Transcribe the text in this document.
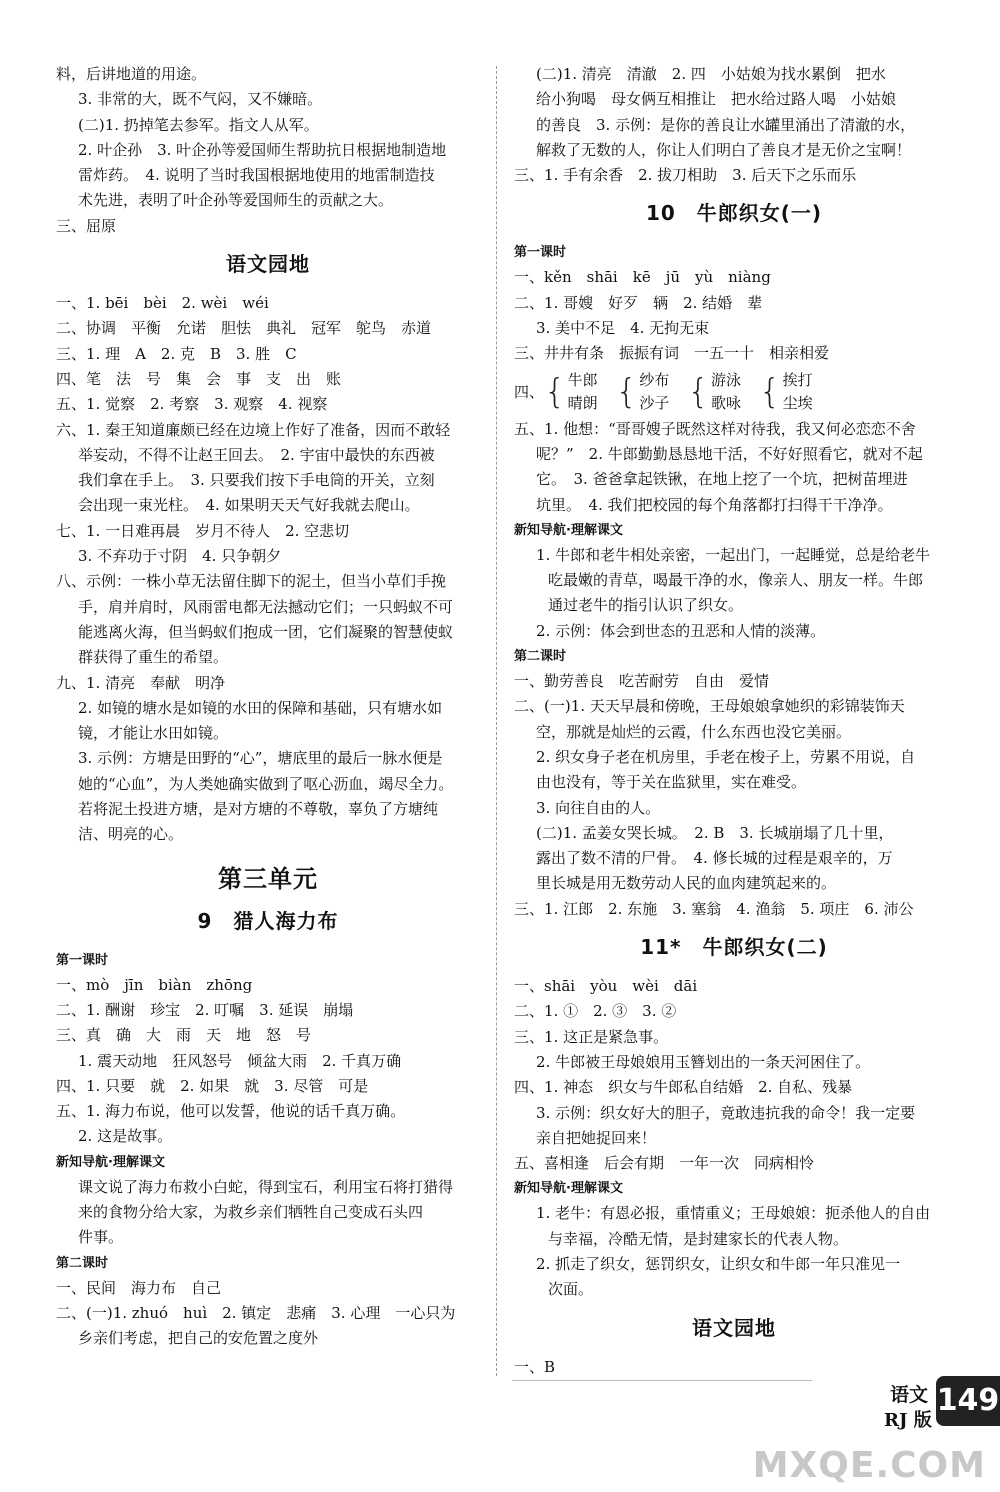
料，后讲地道的用途。
3. 非常的大，既不气闷，又不嫌暗。
(二)1. 扔掉笔去参军。指文人从军。
2. 叶企孙　3. 叶企孙等爱国师生帮助抗日根据地制造地
雷炸药。　4. 说明了当时我国根据地使用的地雷制造技
术先进，表明了叶企孙等爱国师生的贡献之大。
三、屈原
语文园地
一、1. bēi　bèi　2. wèi　wéi
二、协调　平衡　允诺　胆怯　典礼　冠军　鸵鸟　赤道
三、1. 理　A　2. 克　B　3. 胜　C
四、笔　法　号　集　会　事　支　出　账
五、1. 觉察　2. 考察　3. 观察　4. 视察
六、1. 秦王知道廉颇已经在边境上作好了准备，因而不敢轻
举妄动，不得不让赵王回去。　2. 宇宙中最快的东西被
我们拿在手上。　3. 只要我们按下手电筒的开关，立刻
会出现一束光柱。　4. 如果明天天气好我就去爬山。
七、1. 一日难再晨　岁月不待人　2. 空悲切
3. 不弃功于寸阴　4. 只争朝夕
八、示例：一株小草无法留住脚下的泥土，但当小草们手挽
手，肩并肩时，风雨雷电都无法撼动它们；一只蚂蚁不可
能逃离火海，但当蚂蚁们抱成一团，它们凝聚的智慧使蚁
群获得了重生的希望。
九、1. 清亮　奉献　明净
2. 如镜的塘水是如镜的水田的保障和基础，只有塘水如
镜，才能让水田如镜。
3. 示例：方塘是田野的“心”，塘底里的最后一脉水便是
她的“心血”，为人类她确实做到了呕心沥血，竭尽全力。
若将泥土投进方塘，是对方塘的不尊敬，辜负了方塘纯
洁、明亮的心。
第三单元
9　猎人海力布
第一课时
一、mò　jīn　biàn　zhōng
二、1. 酬谢　珍宝　2. 叮嘱　3. 延误　崩塌
三、真　确　大　雨　天　地　怒　号
1. 震天动地　狂风怒号　倾盆大雨　2. 千真万确
四、1. 只要　就　2. 如果　就　3. 尽管　可是
五、1. 海力布说，他可以发誓，他说的话千真万确。
2. 这是故事。
新知导航·理解课文
课文说了海力布救小白蛇，得到宝石，利用宝石将打猎得
来的食物分给大家，为救乡亲们牺牲自己变成石头四
件事。
第二课时
一、民间　海力布　自己
二、(一)1. zhuó　huì　2. 镇定　悲痛　3. 心理　一心只为
乡亲们考虑，把自己的安危置之度外
(二)1. 清亮　清澈　2. 四　小姑娘为找水累倒　把水
给小狗喝　母女俩互相推让　把水给过路人喝　小姑娘
的善良　3. 示例：是你的善良让水罐里涌出了清澈的水，
解救了无数的人，你让人们明白了善良才是无价之宝啊！
三、1. 手有余香　2. 拔刀相助　3. 后天下之乐而乐
10　牛郎织女(一)
第一课时
一、kěn　shāi　kē　jū　yù　niàng
二、1. 哥嫂　好歹　辆　2. 结婚　辈
3. 美中不足　4. 无拘无束
三、井井有条　振振有词　一五一十　相亲相爱
四、 { 牛郎
晴朗 { 纱布
沙子 { 游泳
歌咏 { 挨打
尘埃
五、1. 他想：“哥哥嫂子既然这样对待我，我又何必恋恋不舍
呢？”　2. 牛郎勤勤恳恳地干活，不好好照看它，就对不起
它。　3. 爸爸拿起铁锹，在地上挖了一个坑，把树苗埋进
坑里。　4. 我们把校园的每个角落都打扫得干干净净。
新知导航·理解课文
1. 牛郎和老牛相处亲密，一起出门，一起睡觉，总是给老牛
吃最嫩的青草，喝最干净的水，像亲人、朋友一样。牛郎
通过老牛的指引认识了织女。
2. 示例：体会到世态的丑恶和人情的淡薄。
第二课时
一、勤劳善良　吃苦耐劳　自由　爱情
二、(一)1. 天天早晨和傍晚，王母娘娘拿她织的彩锦装饰天
空，那就是灿烂的云霞，什么东西也没它美丽。
2. 织女身子老在机房里，手老在梭子上，劳累不用说，自
由也没有，等于关在监狱里，实在难受。
3. 向往自由的人。
(二)1. 孟姜女哭长城。　2. B　3. 长城崩塌了几十里，
露出了数不清的尸骨。　4. 修长城的过程是艰辛的，万
里长城是用无数劳动人民的血肉建筑起来的。
三、1. 江郎　2. 东施　3. 塞翁　4. 渔翁　5. 项庄　6. 沛公
11*　牛郎织女(二)
一、shāi　yòu　wèi　dāi
二、1. ①　2. ③　3. ②
三、1. 这正是紧急事。
2. 牛郎被王母娘娘用玉簪划出的一条天河困住了。
四、1. 神态　织女与牛郎私自结婚　2. 自私、残暴
3. 示例：织女好大的胆子，竟敢违抗我的命令！我一定要
亲自把她捉回来！
五、喜相逢　后会有期　一年一次　同病相怜
新知导航·理解课文
1. 老牛：有恩必报，重情重义；王母娘娘：扼杀他人的自由
与幸福，冷酷无情，是封建家长的代表人物。
2. 抓走了织女，惩罚织女，让织女和牛郎一年只准见一
次面。
语文园地
一、B
语文
RJ 版
149
MXQE.COM
